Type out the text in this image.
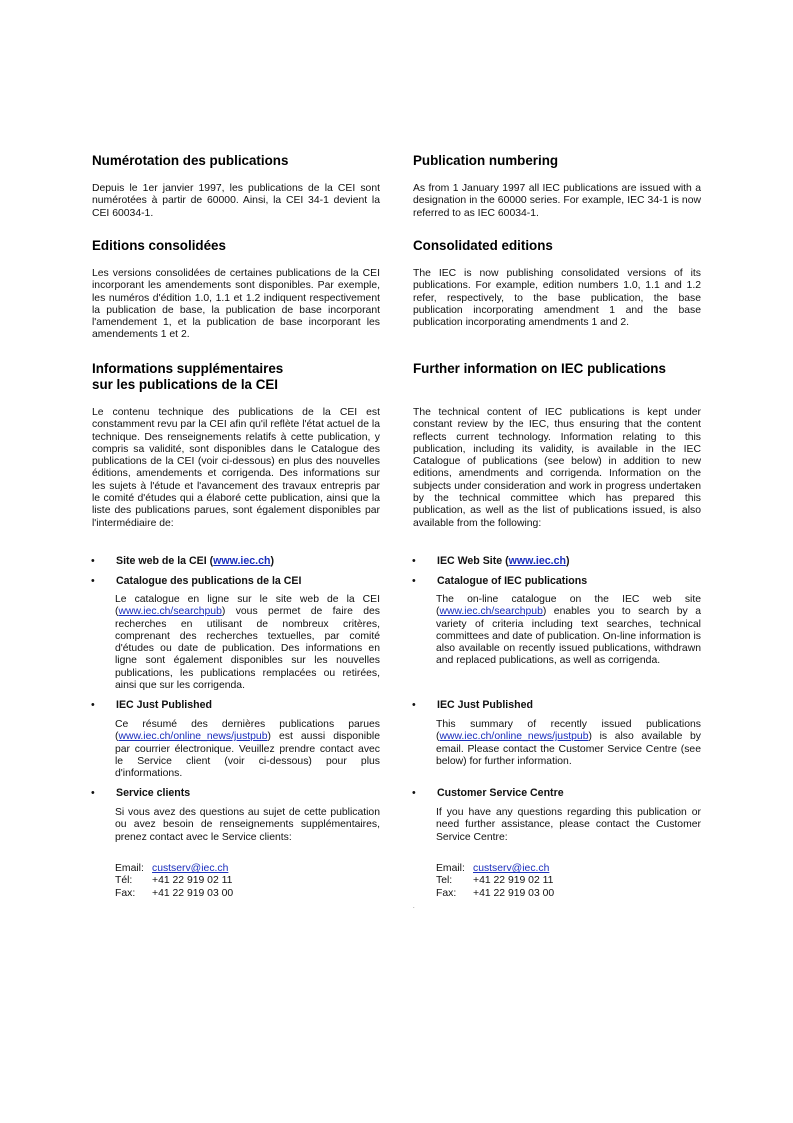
Numérotation des publications

Depuis le 1er janvier 1997, les publications de la CEI sont numérotées à partir de 60000. Ainsi, la CEI 34-1 devient la CEI 60034-1.

Editions consolidées

Les versions consolidées de certaines publications de la CEI incorporant les amendements sont disponibles. Par exemple, les numéros d'édition 1.0, 1.1 et 1.2 indiquent respectivement la publication de base, la publication de base incorporant l'amendement 1, et la publication de base incorporant les amendements 1 et 2.

Informations supplémentaires
sur les publications de la CEI

Le contenu technique des publications de la CEI est constamment revu par la CEI afin qu'il reflète l'état actuel de la technique. Des renseignements relatifs à cette publication, y compris sa validité, sont disponibles dans le Catalogue des publications de la CEI (voir ci-dessous) en plus des nouvelles éditions, amendements et corrigenda. Des informations sur les sujets à l'étude et l'avancement des travaux entrepris par le comité d'études qui a élaboré cette publication, ainsi que la liste des publications parues, sont également disponibles par l'intermédiaire de:

• Site web de la CEI (www.iec.ch)
• Catalogue des publications de la CEI

Le catalogue en ligne sur le site web de la CEI (www.iec.ch/searchpub) vous permet de faire des recherches en utilisant de nombreux critères, comprenant des recherches textuelles, par comité d'études ou date de publication. Des informations en ligne sont également disponibles sur les nouvelles publications, les publications remplacées ou retirées, ainsi que sur les corrigenda.

• IEC Just Published

Ce résumé des dernières publications parues (www.iec.ch/online_news/justpub) est aussi disponible par courrier électronique. Veuillez prendre contact avec le Service client (voir ci-dessous) pour plus d'informations.

• Service clients

Si vous avez des questions au sujet de cette publication ou avez besoin de renseignements supplémentaires, prenez contact avec le Service clients:

Email: custserv@iec.ch
Tél: +41 22 919 02 11
Fax: +41 22 919 03 00
Publication numbering

As from 1 January 1997 all IEC publications are issued with a designation in the 60000 series. For example, IEC 34-1 is now referred to as IEC 60034-1.

Consolidated editions

The IEC is now publishing consolidated versions of its publications. For example, edition numbers 1.0, 1.1 and 1.2 refer, respectively, to the base publication, the base publication incorporating amendment 1 and the base publication incorporating amendments 1 and 2.

Further information on IEC publications

The technical content of IEC publications is kept under constant review by the IEC, thus ensuring that the content reflects current technology. Information relating to this publication, including its validity, is available in the IEC Catalogue of publications (see below) in addition to new editions, amendments and corrigenda. Information on the subjects under consideration and work in progress undertaken by the technical committee which has prepared this publication, as well as the list of publications issued, is also available from the following:

• IEC Web Site (www.iec.ch)
• Catalogue of IEC publications

The on-line catalogue on the IEC web site (www.iec.ch/searchpub) enables you to search by a variety of criteria including text searches, technical committees and date of publication. On-line information is also available on recently issued publications, withdrawn and replaced publications, as well as corrigenda.

• IEC Just Published

This summary of recently issued publications (www.iec.ch/online_news/justpub) is also available by email. Please contact the Customer Service Centre (see below) for further information.

• Customer Service Centre

If you have any questions regarding this publication or need further assistance, please contact the Customer Service Centre:

Email: custserv@iec.ch
Tel: +41 22 919 02 11
Fax: +41 22 919 03 00
.
